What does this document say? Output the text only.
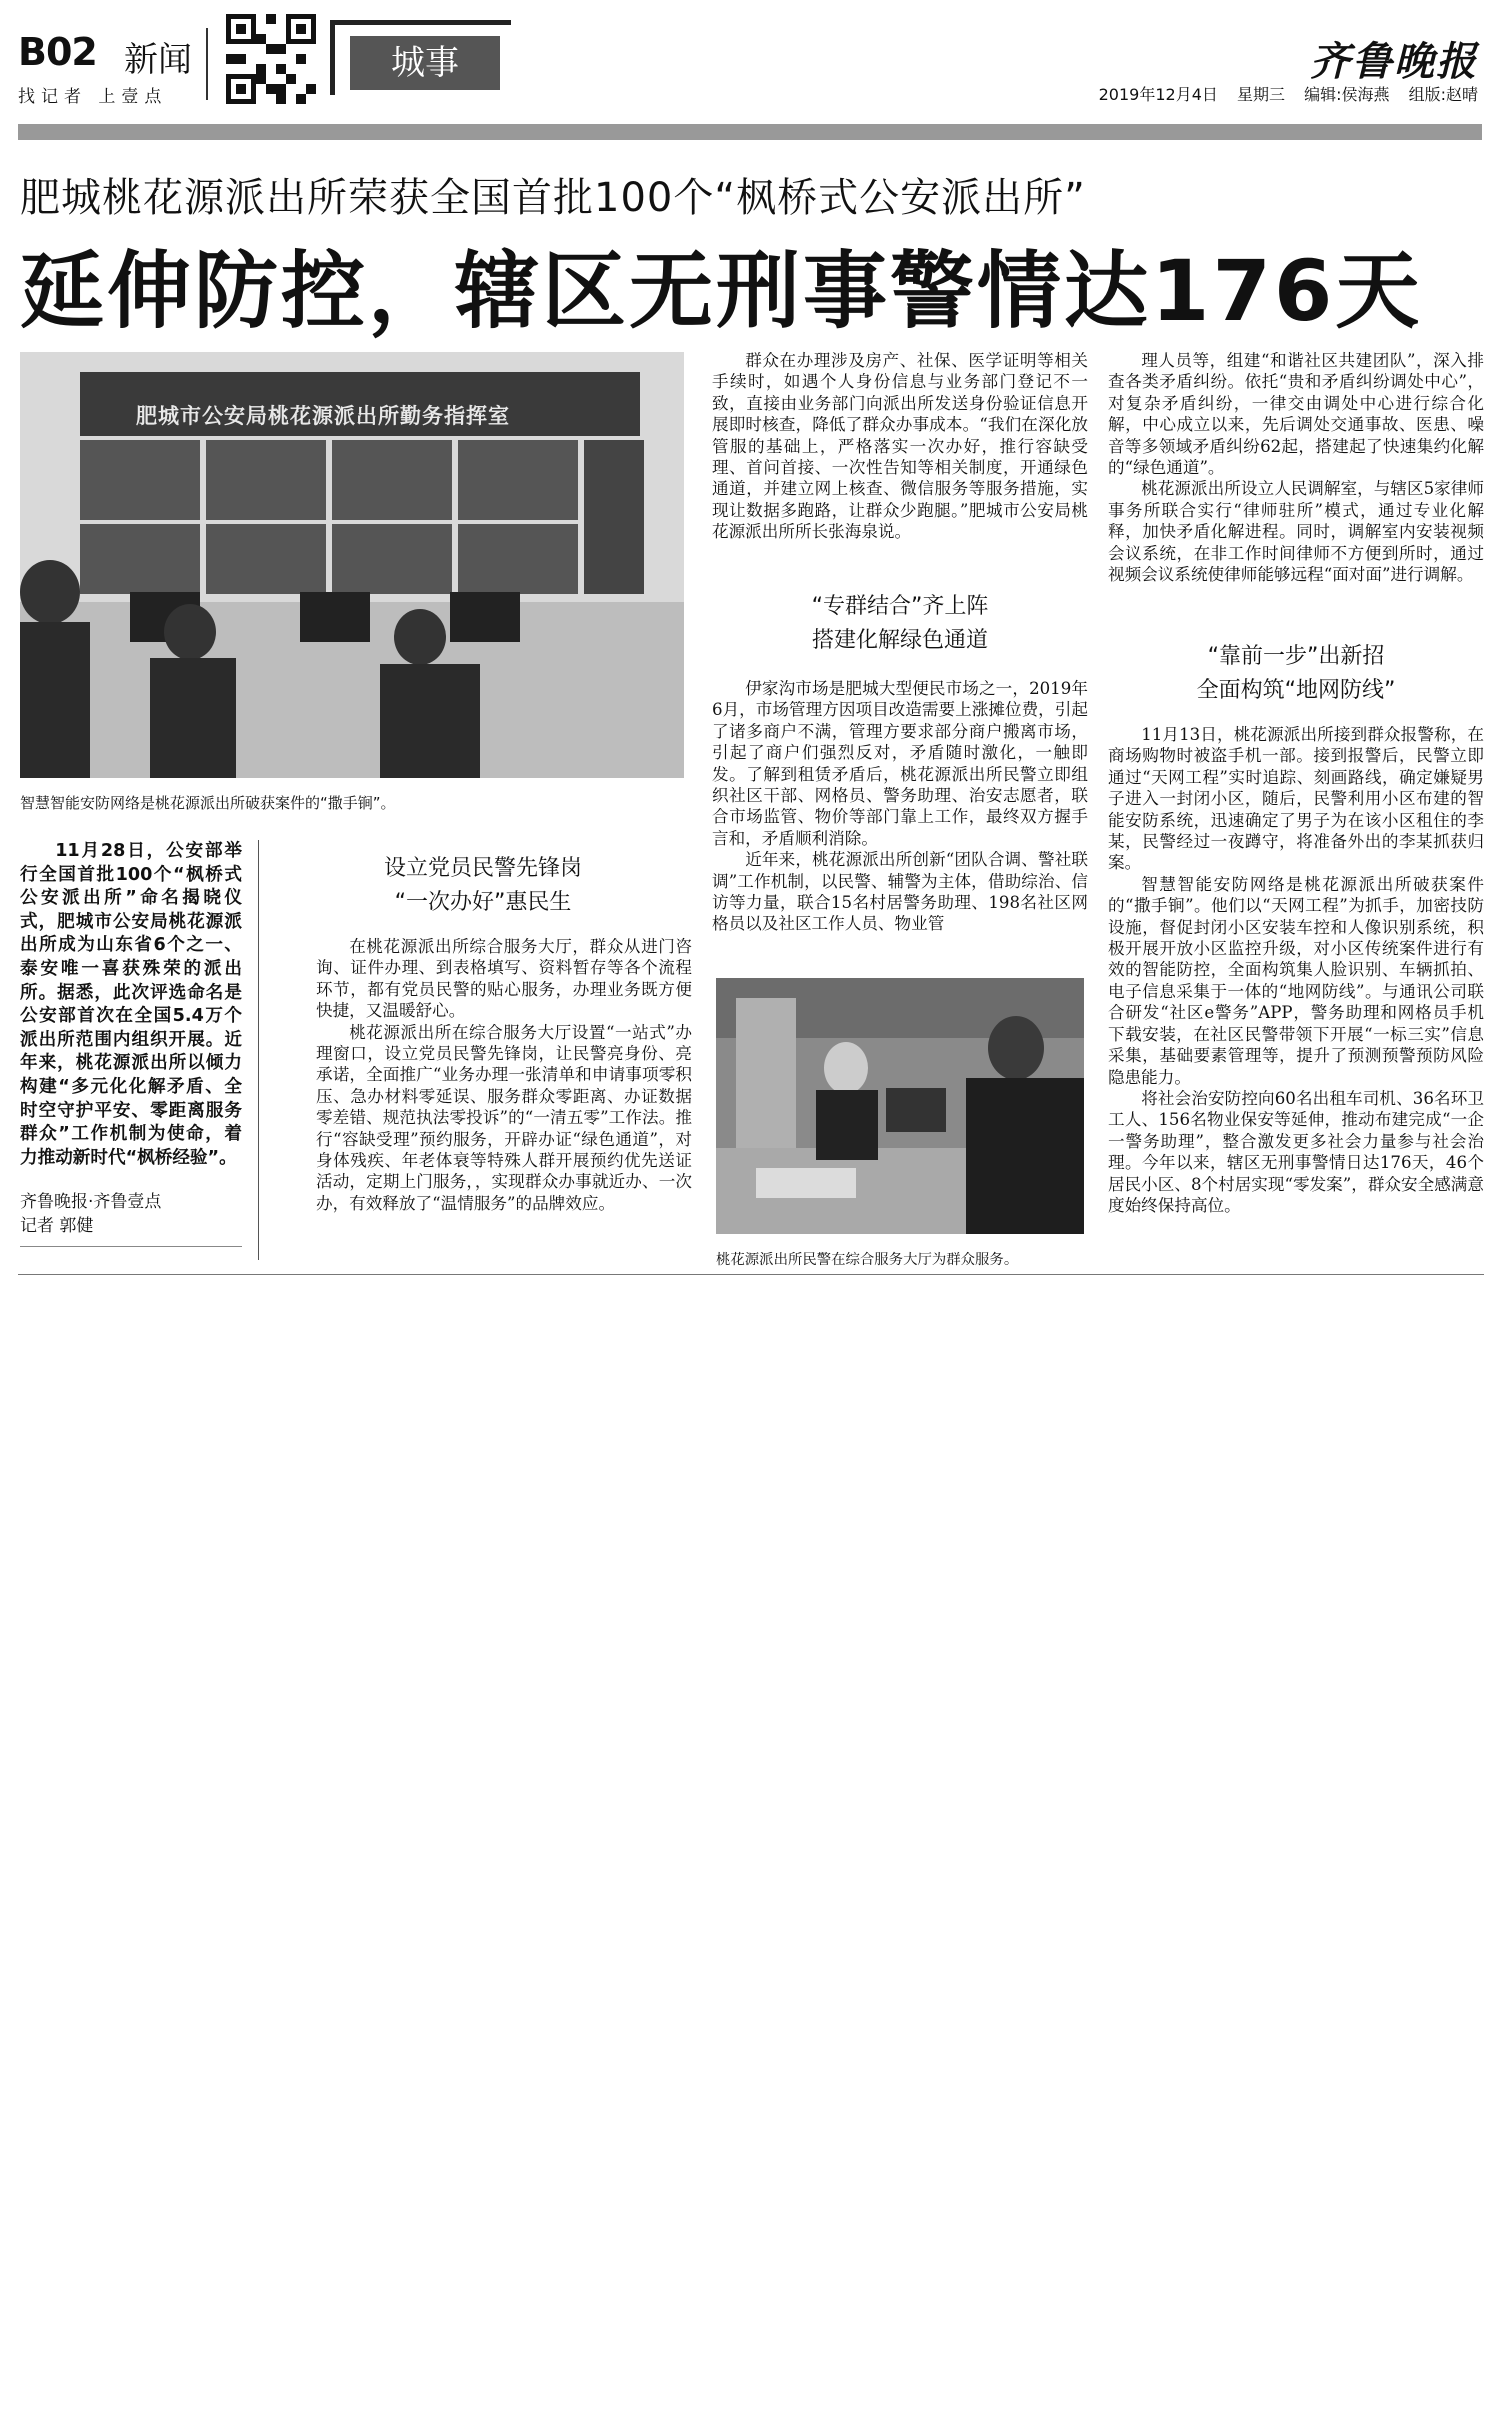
B02 新闻	城事
找记者 上壹点
齐鲁晚报
2019年12月4日 星期三 编辑:侯海燕 组版:赵晴
肥城桃花源派出所荣获全国首批100个“枫桥式公安派出所”
延伸防控，辖区无刑事警情达176天
肥城市公安局桃花源派出所勤务指挥室
智慧智能安防网络是桃花源派出所破获案件的“撒手锏”。

11月28日，公安部举行全国首批100个“枫桥式公安派出所”命名揭晓仪式，肥城市公安局桃花源派出所成为山东省6个之一、泰安唯一喜获殊荣的派出所。据悉，此次评选命名是公安部首次在全国5.4万个派出所范围内组织开展。近年来，桃花源派出所以倾力构建“多元化化解矛盾、全时空守护平安、零距离服务群众”工作机制为使命，着力推动新时代“枫桥经验”。

齐鲁晚报·齐鲁壹点
记者 郭健
设立党员民警先锋岗
“一次办好”惠民生

在桃花源派出所综合服务大厅，群众从进门咨询、证件办理、到表格填写、资料暂存等各个流程环节，都有党员民警的贴心服务，办理业务既方便快捷，又温暖舒心。

桃花源派出所在综合服务大厅设置“一站式”办理窗口，设立党员民警先锋岗，让民警亮身份、亮承诺，全面推广“业务办理一张清单和申请事项零积压、急办材料零延误、服务群众零距离、办证数据零差错、规范执法零投诉”的“一清五零”工作法。推行“容缺受理”预约服务，开辟办证“绿色通道”，对身体残疾、年老体衰等特殊人群开展预约优先送证活动，定期上门服务，，实现群众办事就近办、一次办，有效释放了“温情服务”的品牌效应。

群众在办理涉及房产、社保、医学证明等相关手续时，如遇个人身份信息与业务部门登记不一致，直接由业务部门向派出所发送身份验证信息开展即时核查，降低了群众办事成本。“我们在深化放管服的基础上，严格落实一次办好，推行容缺受理、首问首接、一次性告知等相关制度，开通绿色通道，并建立网上核查、微信服务等服务措施，实现让数据多跑路，让群众少跑腿。”肥城市公安局桃花源派出所所长张海泉说。

“专群结合”齐上阵
搭建化解绿色通道

伊家沟市场是肥城大型便民市场之一，2019年6月，市场管理方因项目改造需要上涨摊位费，引起了诸多商户不满，管理方要求部分商户搬离市场，引起了商户们强烈反对，矛盾随时激化，一触即发。了解到租赁矛盾后，桃花源派出所民警立即组织社区干部、网格员、警务助理、治安志愿者，联合市场监管、物价等部门靠上工作，最终双方握手言和，矛盾顺利消除。

近年来，桃花源派出所创新“团队合调、警社联调”工作机制，以民警、辅警为主体，借助综治、信访等力量，联合15名村居警务助理、198名社区网格员以及社区工作人员、物业管

桃花源派出所民警在综合服务大厅为群众服务。

理人员等，组建“和谐社区共建团队”，深入排查各类矛盾纠纷。依托“贵和矛盾纠纷调处中心”，对复杂矛盾纠纷，一律交由调处中心进行综合化解，中心成立以来，先后调处交通事故、医患、噪音等多领域矛盾纠纷62起，搭建起了快速集约化解的“绿色通道”。

桃花源派出所设立人民调解室，与辖区5家律师事务所联合实行“律师驻所”模式，通过专业化解释，加快矛盾化解进程。同时，调解室内安装视频会议系统，在非工作时间律师不方便到所时，通过视频会议系统使律师能够远程“面对面”进行调解。

“靠前一步”出新招
全面构筑“地网防线”

11月13日，桃花源派出所接到群众报警称，在商场购物时被盗手机一部。接到报警后，民警立即通过“天网工程”实时追踪、刻画路线，确定嫌疑男子进入一封闭小区，随后，民警利用小区布建的智能安防系统，迅速确定了男子为在该小区租住的李某，民警经过一夜蹲守，将准备外出的李某抓获归案。

智慧智能安防网络是桃花源派出所破获案件的“撒手锏”。他们以“天网工程”为抓手，加密技防设施，督促封闭小区安装车控和人像识别系统，积极开展开放小区监控升级，对小区传统案件进行有效的智能防控，全面构筑集人脸识别、车辆抓拍、电子信息采集于一体的“地网防线”。与通讯公司联合研发“社区e警务”APP，警务助理和网格员手机下载安装，在社区民警带领下开展“一标三实”信息采集，基础要素管理等，提升了预测预警预防风险隐患能力。

将社会治安防控向60名出租车司机、36名环卫工人、156名物业保安等延伸，推动布建完成“一企一警务助理”，整合激发更多社会力量参与社会治理。今年以来，辖区无刑事警情日达176天，46个居民小区、8个村居实现“零发案”，群众安全感满意度始终保持高位。
